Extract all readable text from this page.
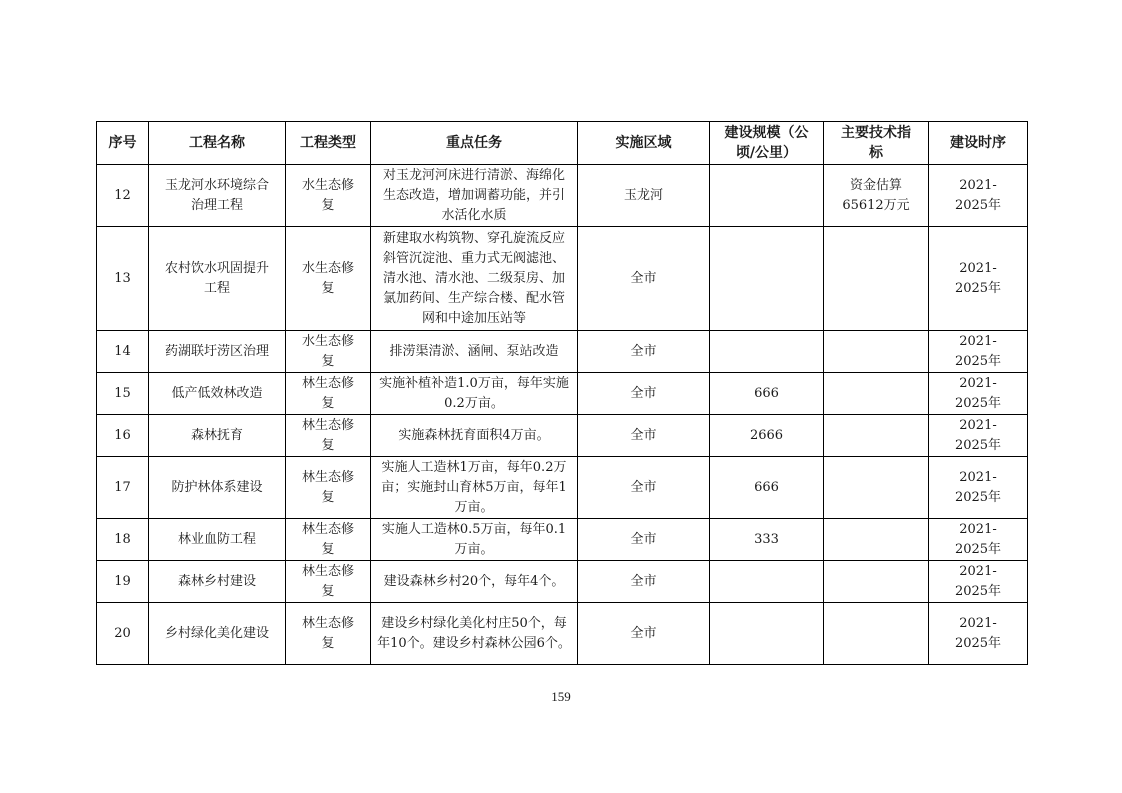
序号	工程名称	工程类型	重点任务	实施区域	建设规模（公顷/公里）	主要技术指标	建设时序
12	玉龙河水环境综合治理工程	水生态修复	对玉龙河河床进行清淤、海绵化生态改造，增加调蓄功能，并引水活化水质	玉龙河		资金估算65612万元	2021-2025年
13	农村饮水巩固提升工程	水生态修复	新建取水构筑物、穿孔旋流反应斜管沉淀池、重力式无阀滤池、清水池、清水池、二级泵房、加氯加药间、生产综合楼、配水管网和中途加压站等	全市			2021-2025年
14	药湖联圩涝区治理	水生态修复	排涝渠清淤、涵闸、泵站改造	全市			2021-2025年
15	低产低效林改造	林生态修复	实施补植补造1.0万亩，每年实施0.2万亩。	全市	666		2021-2025年
16	森林抚育	林生态修复	实施森林抚育面积4万亩。	全市	2666		2021-2025年
17	防护林体系建设	林生态修复	实施人工造林1万亩，每年0.2万亩；实施封山育林5万亩，每年1万亩。	全市	666		2021-2025年
18	林业血防工程	林生态修复	实施人工造林0.5万亩，每年0.1万亩。	全市	333		2021-2025年
19	森林乡村建设	林生态修复	建设森林乡村20个，每年4个。	全市			2021-2025年
20	乡村绿化美化建设	林生态修复	建设乡村绿化美化村庄50个，每年10个。建设乡村森林公园6个。	全市			2021-2025年
159
